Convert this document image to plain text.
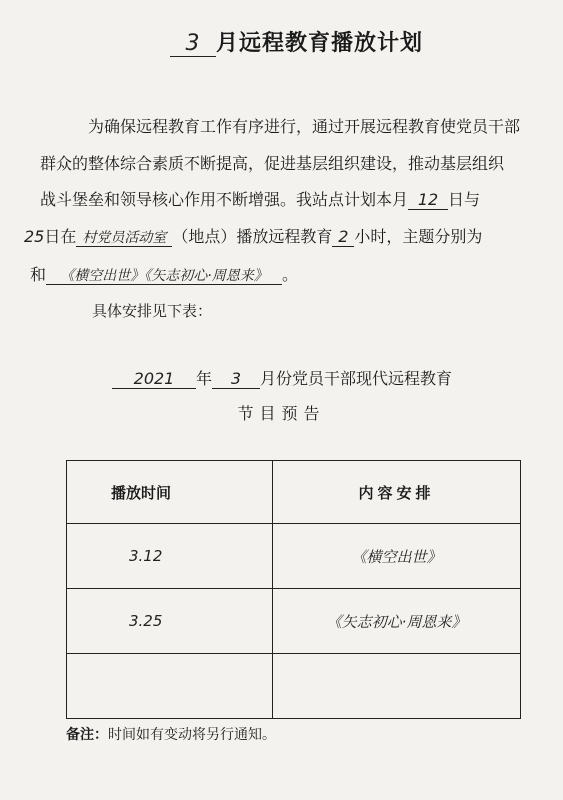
3 月远程教育播放计划
为确保远程教育工作有序进行，通过开展远程教育使党员干部
群众的整体综合素质不断提高，促进基层组织建设，推动基层组织
战斗堡垒和领导核心作用不断增强。我站点计划本月 12 日与
25日在 村党员活动室 （地点）播放远程教育 2 小时，主题分别为
和 《横空出世》《矢志初心·周恩来》 。
具体安排见下表：
2021 年 3 月份党员干部现代远程教育
节目预告
播放时间	内容安排
3.12	《横空出世》
3.25	《矢志初心·周恩来》

备注：时间如有变动将另行通知。
